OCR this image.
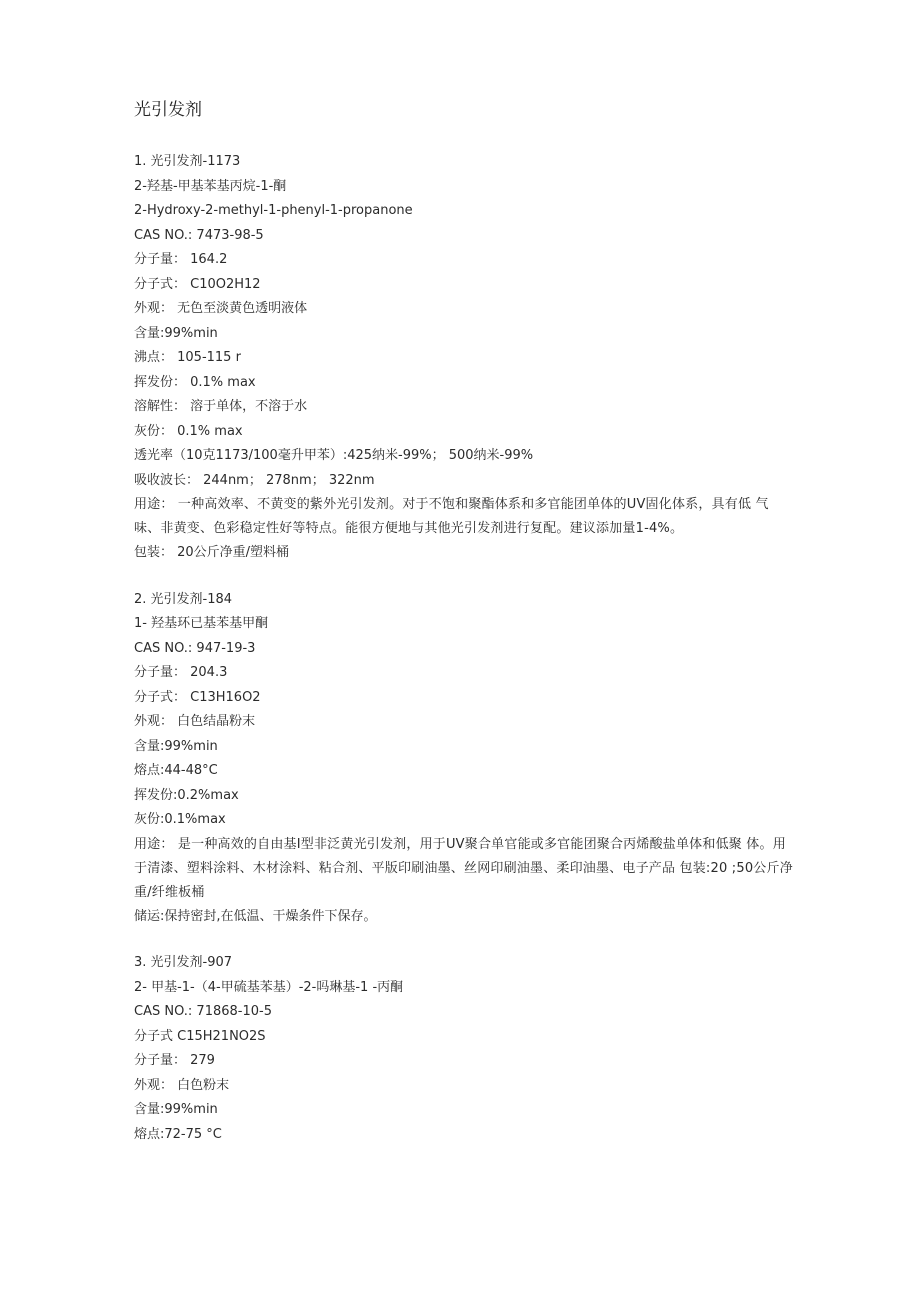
光引发剂
1. 光引发剂-1173
2-羟基-甲基苯基丙烷-1-酮
2-Hydroxy-2-methyl-1-phenyl-1-propanone
CAS NO.: 7473-98-5
分子量： 164.2
分子式： C10O2H12
外观： 无色至淡黄色透明液体
含量:99%min
沸点： 105-115 r
挥发份： 0.1% max
溶解性： 溶于单体，不溶于水
灰份： 0.1% max
透光率（10克1173/100毫升甲苯）:425纳米-99%； 500纳米-99%
吸收波长： 244nm； 278nm； 322nm
用途： 一种高效率、不黄变的紫外光引发剂。对于不饱和聚酯体系和多官能团单体的UV固化体系，具有低 气味、非黄变、色彩稳定性好等特点。能很方便地与其他光引发剂进行复配。建议添加量1-4%。
包装： 20公斤净重/塑料桶
2. 光引发剂-184
1- 羟基环已基苯基甲酮
CAS NO.: 947-19-3
分子量： 204.3
分子式： C13H16O2
外观： 白色结晶粉末
含量:99%min
熔点:44-48°C
挥发份:0.2%max
灰份:0.1%max
用途： 是一种高效的自由基I型非泛黄光引发剂，用于UV聚合单官能或多官能团聚合丙烯酸盐单体和低聚 体。用于清漆、塑料涂料、木材涂料、粘合剂、平版印刷油墨、丝网印刷油墨、柔印油墨、电子产品 包装:20 ;50公斤净重/纤维板桶
储运:保持密封,在低温、干燥条件下保存。
3. 光引发剂-907
2- 甲基-1-（4-甲硫基苯基）-2-吗琳基-1 -丙酮
CAS NO.: 71868-10-5
分子式 C15H21NO2S
分子量： 279
外观： 白色粉末
含量:99%min
熔点:72-75 °C
